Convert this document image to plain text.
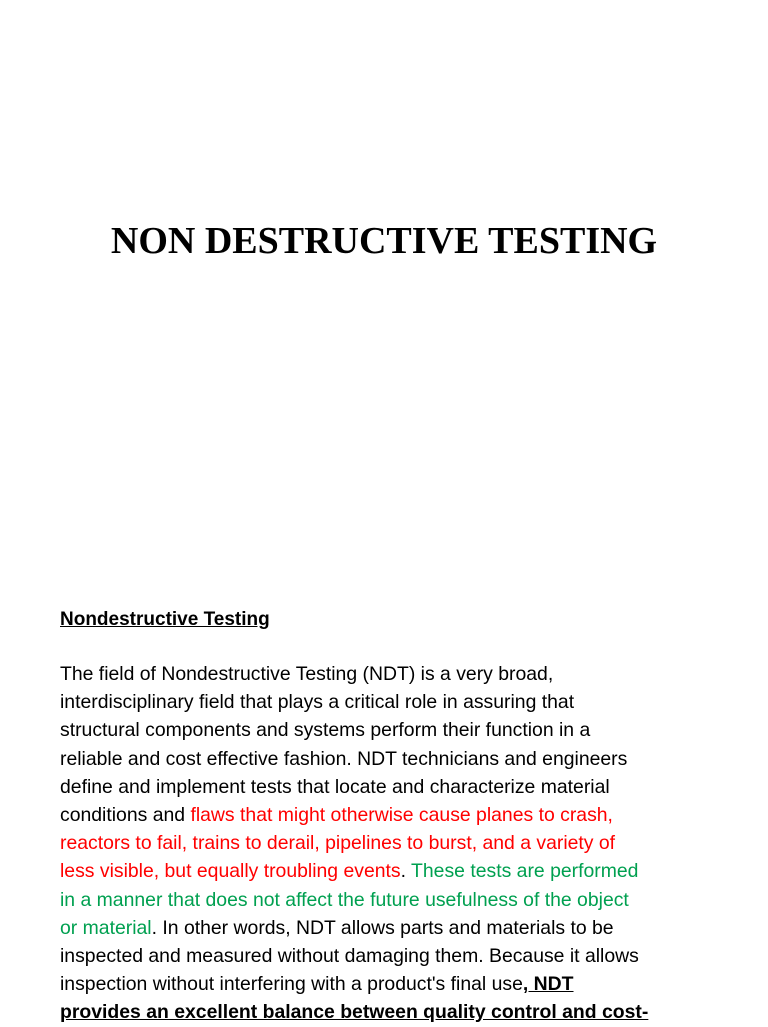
NON DESTRUCTIVE TESTING
Nondestructive Testing

The field of Nondestructive Testing (NDT) is a very broad,
interdisciplinary field that plays a critical role in assuring that
structural components and systems perform their function in a
reliable and cost effective fashion. NDT technicians and engineers
define and implement tests that locate and characterize material
conditions and flaws that might otherwise cause planes to crash,
reactors to fail, trains to derail, pipelines to burst, and a variety of
less visible, but equally troubling events. These tests are performed
in a manner that does not affect the future usefulness of the object
or material. In other words, NDT allows parts and materials to be
inspected and measured without damaging them. Because it allows
inspection without interfering with a product's final use, NDT
provides an excellent balance between quality control and cost-
